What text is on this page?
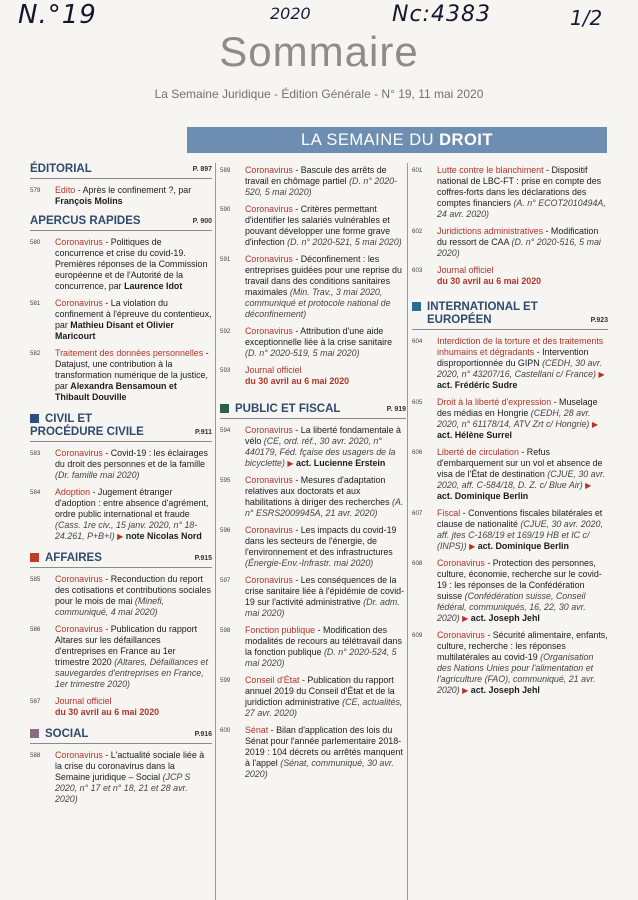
N.°19	2020	Nc:4383	1/2
Sommaire
La Semaine Juridique - Édition Générale - N° 19, 11 mai 2020
LA SEMAINE DU DROIT
ÉDITORIAL	P. 897
579 Edito - Après le confinement ?, par François Molins
APERCUS RAPIDES	P. 900
580 Coronavirus - Politiques de concurrence et crise du covid-19. Premières réponses de la Commission européenne et de l'Autorité de la concurrence, par Laurence Idot
581 Coronavirus - La violation du confinement à l'épreuve du contentieux, par Mathieu Disant et Olivier Maricourt
582 Traitement des données personnelles - Datajust, une contribution à la transformation numérique de la justice, par Alexandra Bensamoun et Thibault Douville
CIVIL ET
PROCÉDURE CIVILE	P.911
583 Coronavirus - Covid-19 : les éclairages du droit des personnes et de la famille (Dr. famille mai 2020)
584 Adoption - Jugement étranger d'adoption : entre absence d'agrément, ordre public international et fraude (Cass. 1re civ., 15 janv. 2020, n° 18-24.261, P+B+I) ▶ note Nicolas Nord
AFFAIRES	P.915
585 Coronavirus - Reconduction du report des cotisations et contributions sociales pour le mois de mai (Minefi, communiqué, 4 mai 2020)
586 Coronavirus - Publication du rapport Altares sur les défaillances d'entreprises en France au 1er trimestre 2020 (Altares, Défaillances et sauvegardes d'entreprises en France, 1er trimestre 2020)
587 Journal officiel
du 30 avril au 6 mai 2020
SOCIAL	P.916
588 Coronavirus - L'actualité sociale liée à la crise du coronavirus dans la Semaine juridique – Social (JCP S 2020, n° 17 et n° 18, 21 et 28 avr. 2020)
589 Coronavirus - Bascule des arrêts de travail en chômage partiel (D. n° 2020-520, 5 mai 2020)
590 Coronavirus - Critères permettant d'identifier les salariés vulnérables et pouvant développer une forme grave d'infection (D. n° 2020-521, 5 mai 2020)
591 Coronavirus - Déconfinement : les entreprises guidées pour une reprise du travail dans des conditions sanitaires maximales (Min. Trav., 3 mai 2020, communiqué et protocole national de déconfinement)
592 Coronavirus - Attribution d'une aide exceptionnelle liée à la crise sanitaire (D. n° 2020-519, 5 mai 2020)
593 Journal officiel
du 30 avril au 6 mai 2020
PUBLIC ET FISCAL	P. 919
594 Coronavirus - La liberté fondamentale à vélo (CE, ord. réf., 30 avr. 2020, n° 440179, Féd. fçaise des usagers de la bicyclette) ▶ act. Lucienne Erstein
595 Coronavirus - Mesures d'adaptation relatives aux doctorats et aux habilitations à diriger des recherches (A. n° ESRS2009945A, 21 avr. 2020)
596 Coronavirus - Les impacts du covid-19 dans les secteurs de l'énergie, de l'environnement et des infrastructures (Énergie-Env.-Infrastr. mai 2020)
597 Coronavirus - Les conséquences de la crise sanitaire liée à l'épidémie de covid-19 sur l'activité administrative (Dr. adm. mai 2020)
598 Fonction publique - Modification des modalités de recours au télétravail dans la fonction publique (D. n° 2020-524, 5 mai 2020)
599 Conseil d'État - Publication du rapport annuel 2019 du Conseil d'État et de la juridiction administrative (CE, actualités, 27 avr. 2020)
600 Sénat - Bilan d'application des lois du Sénat pour l'année parlementaire 2018-2019 : 104 décrets ou arrêtés manquent à l'appel (Sénat, communiqué, 30 avr. 2020)
601 Lutte contre le blanchiment - Dispositif national de LBC-FT : prise en compte des coffres-forts dans les déclarations des comptes financiers (A. n° ECOT2010494A, 24 avr. 2020)
602 Juridictions administratives - Modification du ressort de CAA (D. n° 2020-516, 5 mai 2020)
603 Journal officiel
du 30 avril au 6 mai 2020
INTERNATIONAL ET
EUROPÉEN	P.923
604 Interdiction de la torture et des traitements inhumains et dégradants - Intervention disproportionnée du GIPN (CEDH, 30 avr. 2020, n° 43207/16, Castellani c/ France) ▶ act. Frédéric Sudre
605 Droit à la liberté d'expression - Muselage des médias en Hongrie (CEDH, 28 avr. 2020, n° 61178/14, ATV Zrt c/ Hongrie) ▶ act. Hélène Surrel
606 Liberté de circulation - Refus d'embarquement sur un vol et absence de visa de l'État de destination (CJUE, 30 avr. 2020, aff. C-584/18, D. Z. c/ Blue Air) ▶ act. Dominique Berlin
607 Fiscal - Conventions fiscales bilatérales et clause de nationalité (CJUE, 30 avr. 2020, aff. jtes C-168/19 et 169/19 HB et IC c/ (INPS)) ▶ act. Dominique Berlin
608 Coronavirus - Protection des personnes, culture, économie, recherche sur le covid-19 : les réponses de la Confédération suisse (Confédération suisse, Conseil fédéral, communiqués, 16, 22, 30 avr. 2020) ▶ act. Joseph Jehl
609 Coronavirus - Sécurité alimentaire, enfants, culture, recherche : les réponses multilatérales au covid-19 (Organisation des Nations Unies pour l'alimentation et l'agriculture (FAO), communiqué, 21 avr. 2020) ▶ act. Joseph Jehl
